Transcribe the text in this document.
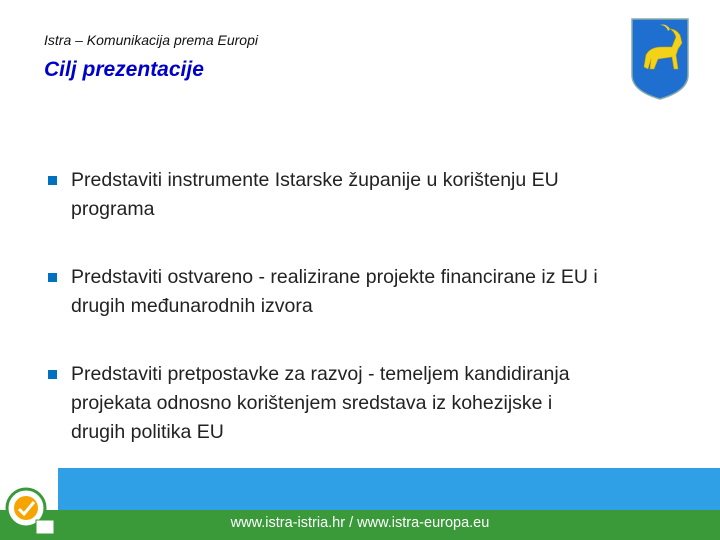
Istra – Komunikacija prema Europi
Cilj prezentacije
Predstaviti instrumente Istarske županije u korištenju EU
programa
Predstaviti ostvareno - realizirane projekte financirane iz EU i
drugih međunarodnih izvora
Predstaviti pretpostavke za razvoj - temeljem kandidiranja
projekata odnosno korištenjem sredstava iz kohezijske i
drugih politika EU
www.istra-istria.hr / www.istra-europa.eu
